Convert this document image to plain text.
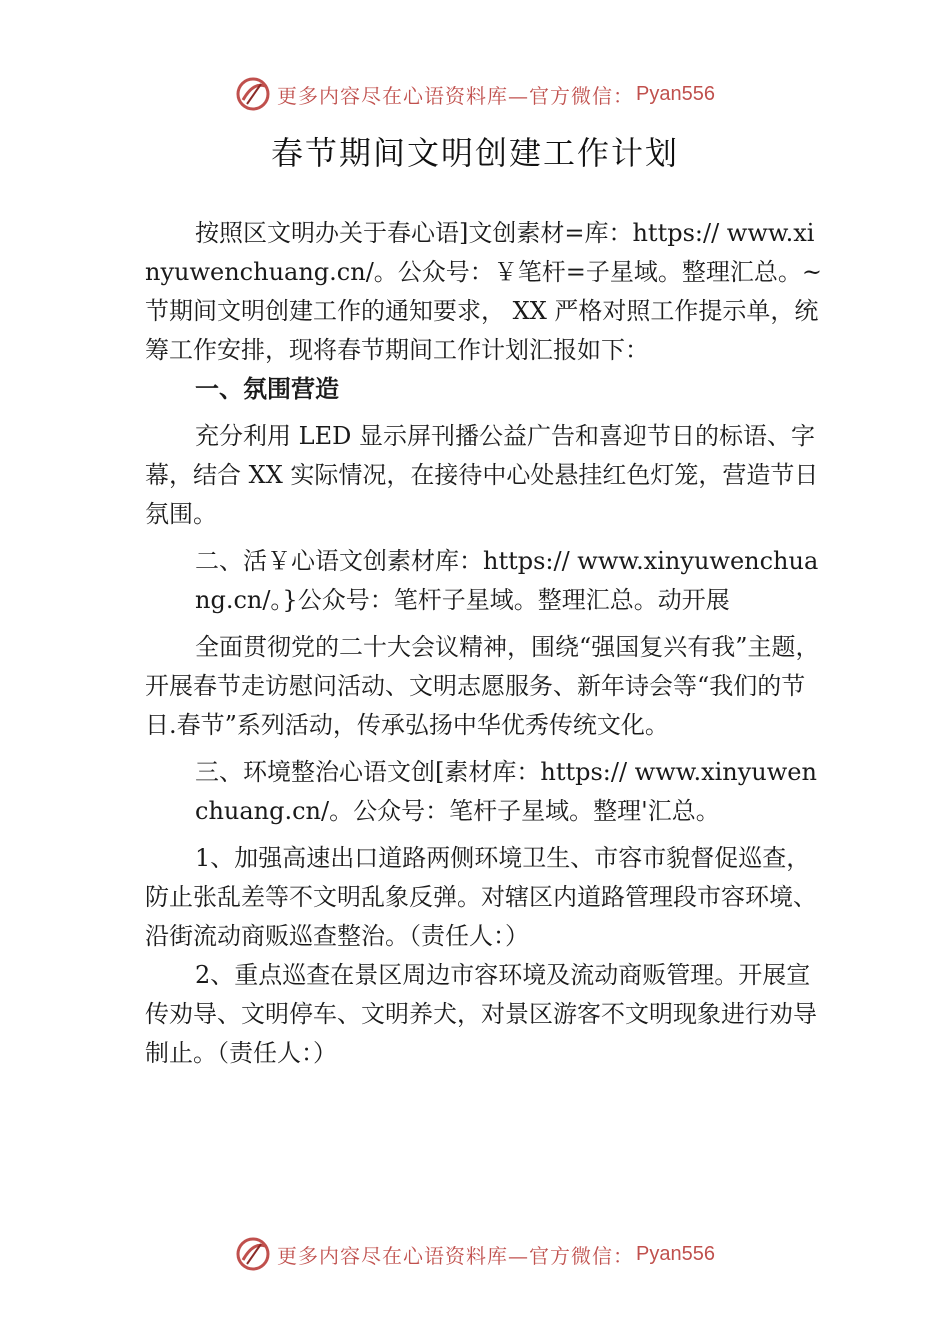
更多内容尽在心语资料库—官方微信： Pyan556
春节期间文明创建工作计划

按照区文明办关于春心语]文创素材=库：https:// www.xinyuwenchuang.cn/。公众号：￥笔杆=子星域。整理汇总。~节期间文明创建工作的通知要求， XX 严格对照工作提示单，统筹工作安排，现将春节期间工作计划汇报如下：

一、氛围营造

充分利用 LED 显示屏刊播公益广告和喜迎节日的标语、字幕，结合 XX 实际情况，在接待中心处悬挂红色灯笼，营造节日氛围。

二、活￥心语文创素材库：https:// www.xinyuwenchuang.cn/。}公众号：笔杆子星域。整理汇总。动开展

全面贯彻党的二十大会议精神，围绕“强国复兴有我”主题，开展春节走访慰问活动、文明志愿服务、新年诗会等“我们的节日.春节”系列活动，传承弘扬中华优秀传统文化。

三、环境整治心语文创[素材库：https:// www.xinyuwenchuang.cn/。公众号：笔杆子星域。整理'汇总。

1、加强高速出口道路两侧环境卫生、市容市貌督促巡查，防止张乱差等不文明乱象反弹。对辖区内道路管理段市容环境、沿街流动商贩巡查整治。（责任人：）

2、重点巡查在景区周边市容环境及流动商贩管理。开展宣传劝导、文明停车、文明养犬，对景区游客不文明现象进行劝导制止。（责任人：）

更多内容尽在心语资料库—官方微信： Pyan556
